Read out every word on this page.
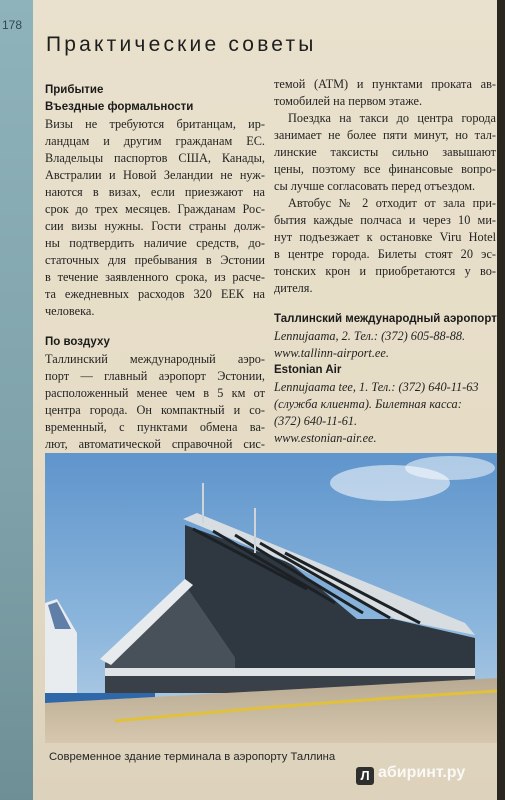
178
Практические советы
Прибытие
Въездные формальности
Визы не требуются британцам, ир-
ландцам и другим гражданам ЕС.
Владельцы паспортов США, Канады,
Австралии и Новой Зеландии не нуж-
наются в визах, если приезжают на
срок до трех месяцев. Гражданам Рос-
сии визы нужны. Гости страны долж-
ны подтвердить наличие средств, до-
статочных для пребывания в Эстонии
в течение заявленного срока, из расче-
та ежедневных расходов 320 ЕЕК на
человека.
По воздуху
Таллинский международный аэро-
порт — главный аэропорт Эстонии,
расположенный менее чем в 5 км от
центра города. Он компактный и со-
временный, с пунктами обмена ва-
лют, автоматической справочной сис-
темой (ATM) и пунктами проката ав-
томобилей на первом этаже.
Поездка на такси до центра города
занимает не более пяти минут, но тал-
линские таксисты сильно завышают
цены, поэтому все финансовые вопро-
сы лучше согласовать перед отъездом.
Автобус № 2 отходит от зала при-
бытия каждые полчаса и через 10 ми-
нут подъезжает к остановке Viru Hotel
в центре города. Билеты стоят 20 эс-
тонских крон и приобретаются у во-
дителя.
Таллинский международный аэропорт
Lennujaama, 2. Тел.: (372) 605-88-88.
www.tallinn-airport.ee.
Estonian Air
Lennujaama tee, 1. Тел.: (372) 640-11-63
(служба клиента). Билетная касса:
(372) 640-11-61.
www.estonian-air.ee.
Современное здание терминала в аэропорту Таллина
Л абиринт.ру
